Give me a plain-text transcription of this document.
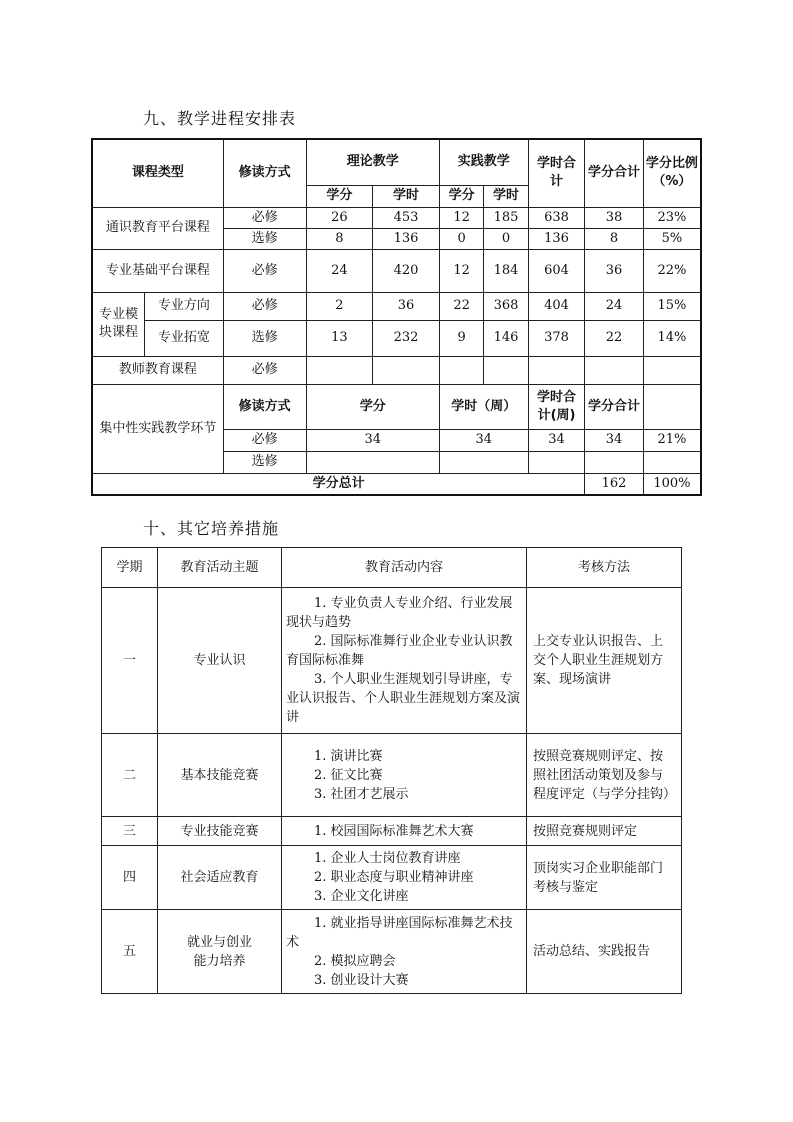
九、教学进程安排表
课程类型		修读方式	理论教学		实践教学		学时合计	学分合计	学分比例（%）
			学分	学时	学分	学时			
通识教育平台课程		必修	26	453	12	185	638	38	23%
		选修	8	136	0	0	136	8	5%
专业基础平台课程		必修	24	420	12	184	604	36	22%
专业模块课程	专业方向	必修	2	36	22	368	404	24	15%
	专业拓宽	选修	13	232	9	146	378	22	14%
教师教育课程		必修							
集中性实践教学环节		修读方式	学分		学时（周）		学时合计(周)	学分合计	
		必修	34		34		34	34	21%
		选修							
学分总计								162	100%
十、其它培养措施
学期	教育活动主题	教育活动内容	考核方法
一	专业认识	1. 专业负责人专业介绍、行业发展现状与趋势
2. 国际标准舞行业企业专业认识教育国际标准舞
3. 个人职业生涯规划引导讲座，专业认识报告、个人职业生涯规划方案及演讲	上交专业认识报告、上交个人职业生涯规划方案、现场演讲
二	基本技能竞赛	1. 演讲比赛
2. 征文比赛
3. 社团才艺展示	按照竞赛规则评定、按照社团活动策划及参与程度评定（与学分挂钩）
三	专业技能竞赛	1. 校园国际标准舞艺术大赛	按照竞赛规则评定
四	社会适应教育	1. 企业人士岗位教育讲座
2. 职业态度与职业精神讲座
3. 企业文化讲座	顶岗实习企业职能部门考核与鉴定
五	就业与创业能力培养	1. 就业指导讲座国际标准舞艺术技术
2. 模拟应聘会
3. 创业设计大赛	活动总结、实践报告
